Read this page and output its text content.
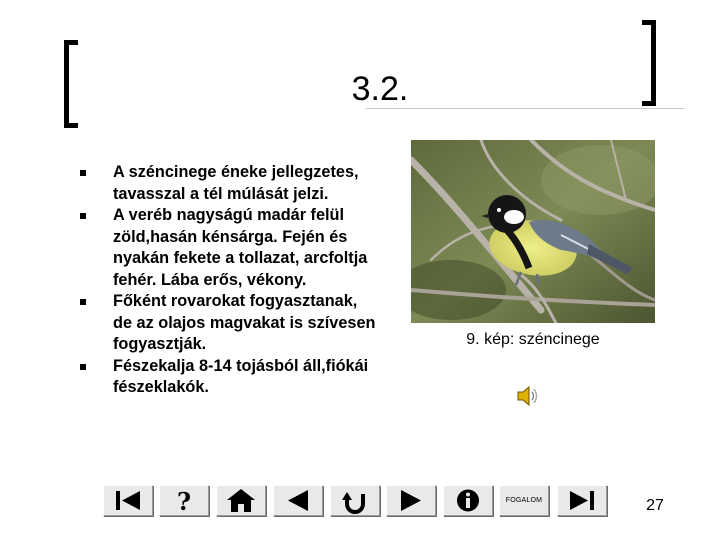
3.2.
A széncinege éneke jellegzetes, tavasszal a tél múlását jelzi.
A veréb nagyságú madár felül zöld,hasán kénsárga. Fején és nyakán fekete a tollazat, arcfoltja fehér. Lába erős, vékony.
Főként rovarokat fogyasztanak, de az olajos magvakat is szívesen fogyasztják.
Fészekalja 8-14 tojásból áll,fiókái fészeklakók.
9. kép: széncinege
?	FOGALOM	27
